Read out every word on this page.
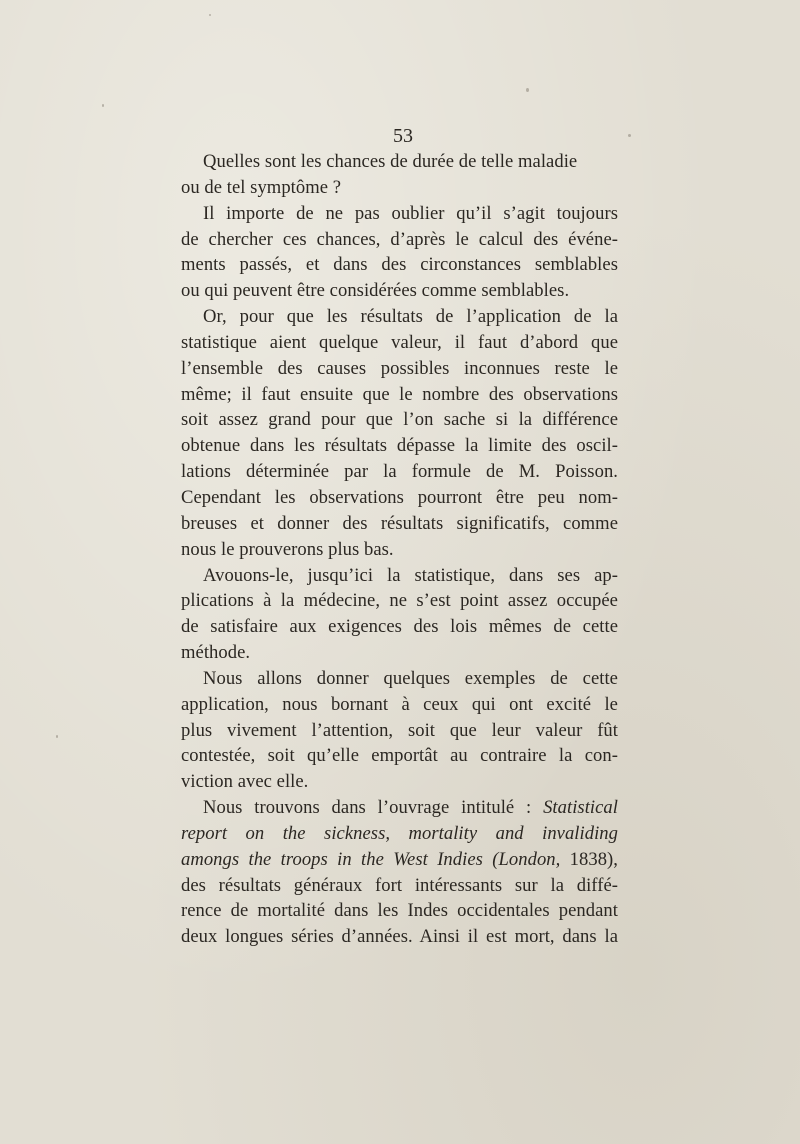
53
Quelles sont les chances de durée de telle maladie
ou de tel symptôme ?
Il importe de ne pas oublier qu’il s’agit toujours
de chercher ces chances, d’après le calcul des événe-
ments passés, et dans des circonstances semblables
ou qui peuvent être considérées comme semblables.
Or, pour que les résultats de l’application de la
statistique aient quelque valeur, il faut d’abord que
l’ensemble des causes possibles inconnues reste le
même; il faut ensuite que le nombre des observations
soit assez grand pour que l’on sache si la différence
obtenue dans les résultats dépasse la limite des oscil-
lations déterminée par la formule de M. Poisson.
Cependant les observations pourront être peu nom-
breuses et donner des résultats significatifs, comme
nous le prouverons plus bas.
Avouons-le, jusqu’ici la statistique, dans ses ap-
plications à la médecine, ne s’est point assez occupée
de satisfaire aux exigences des lois mêmes de cette
méthode.
Nous allons donner quelques exemples de cette
application, nous bornant à ceux qui ont excité le
plus vivement l’attention, soit que leur valeur fût
contestée, soit qu’elle emportât au contraire la con-
viction avec elle.
Nous trouvons dans l’ouvrage intitulé : Statistical
report on the sickness, mortality and invaliding
amongs the troops in the West Indies (London, 1838),
des résultats généraux fort intéressants sur la diffé-
rence de mortalité dans les Indes occidentales pendant
deux longues séries d’années. Ainsi il est mort, dans la
